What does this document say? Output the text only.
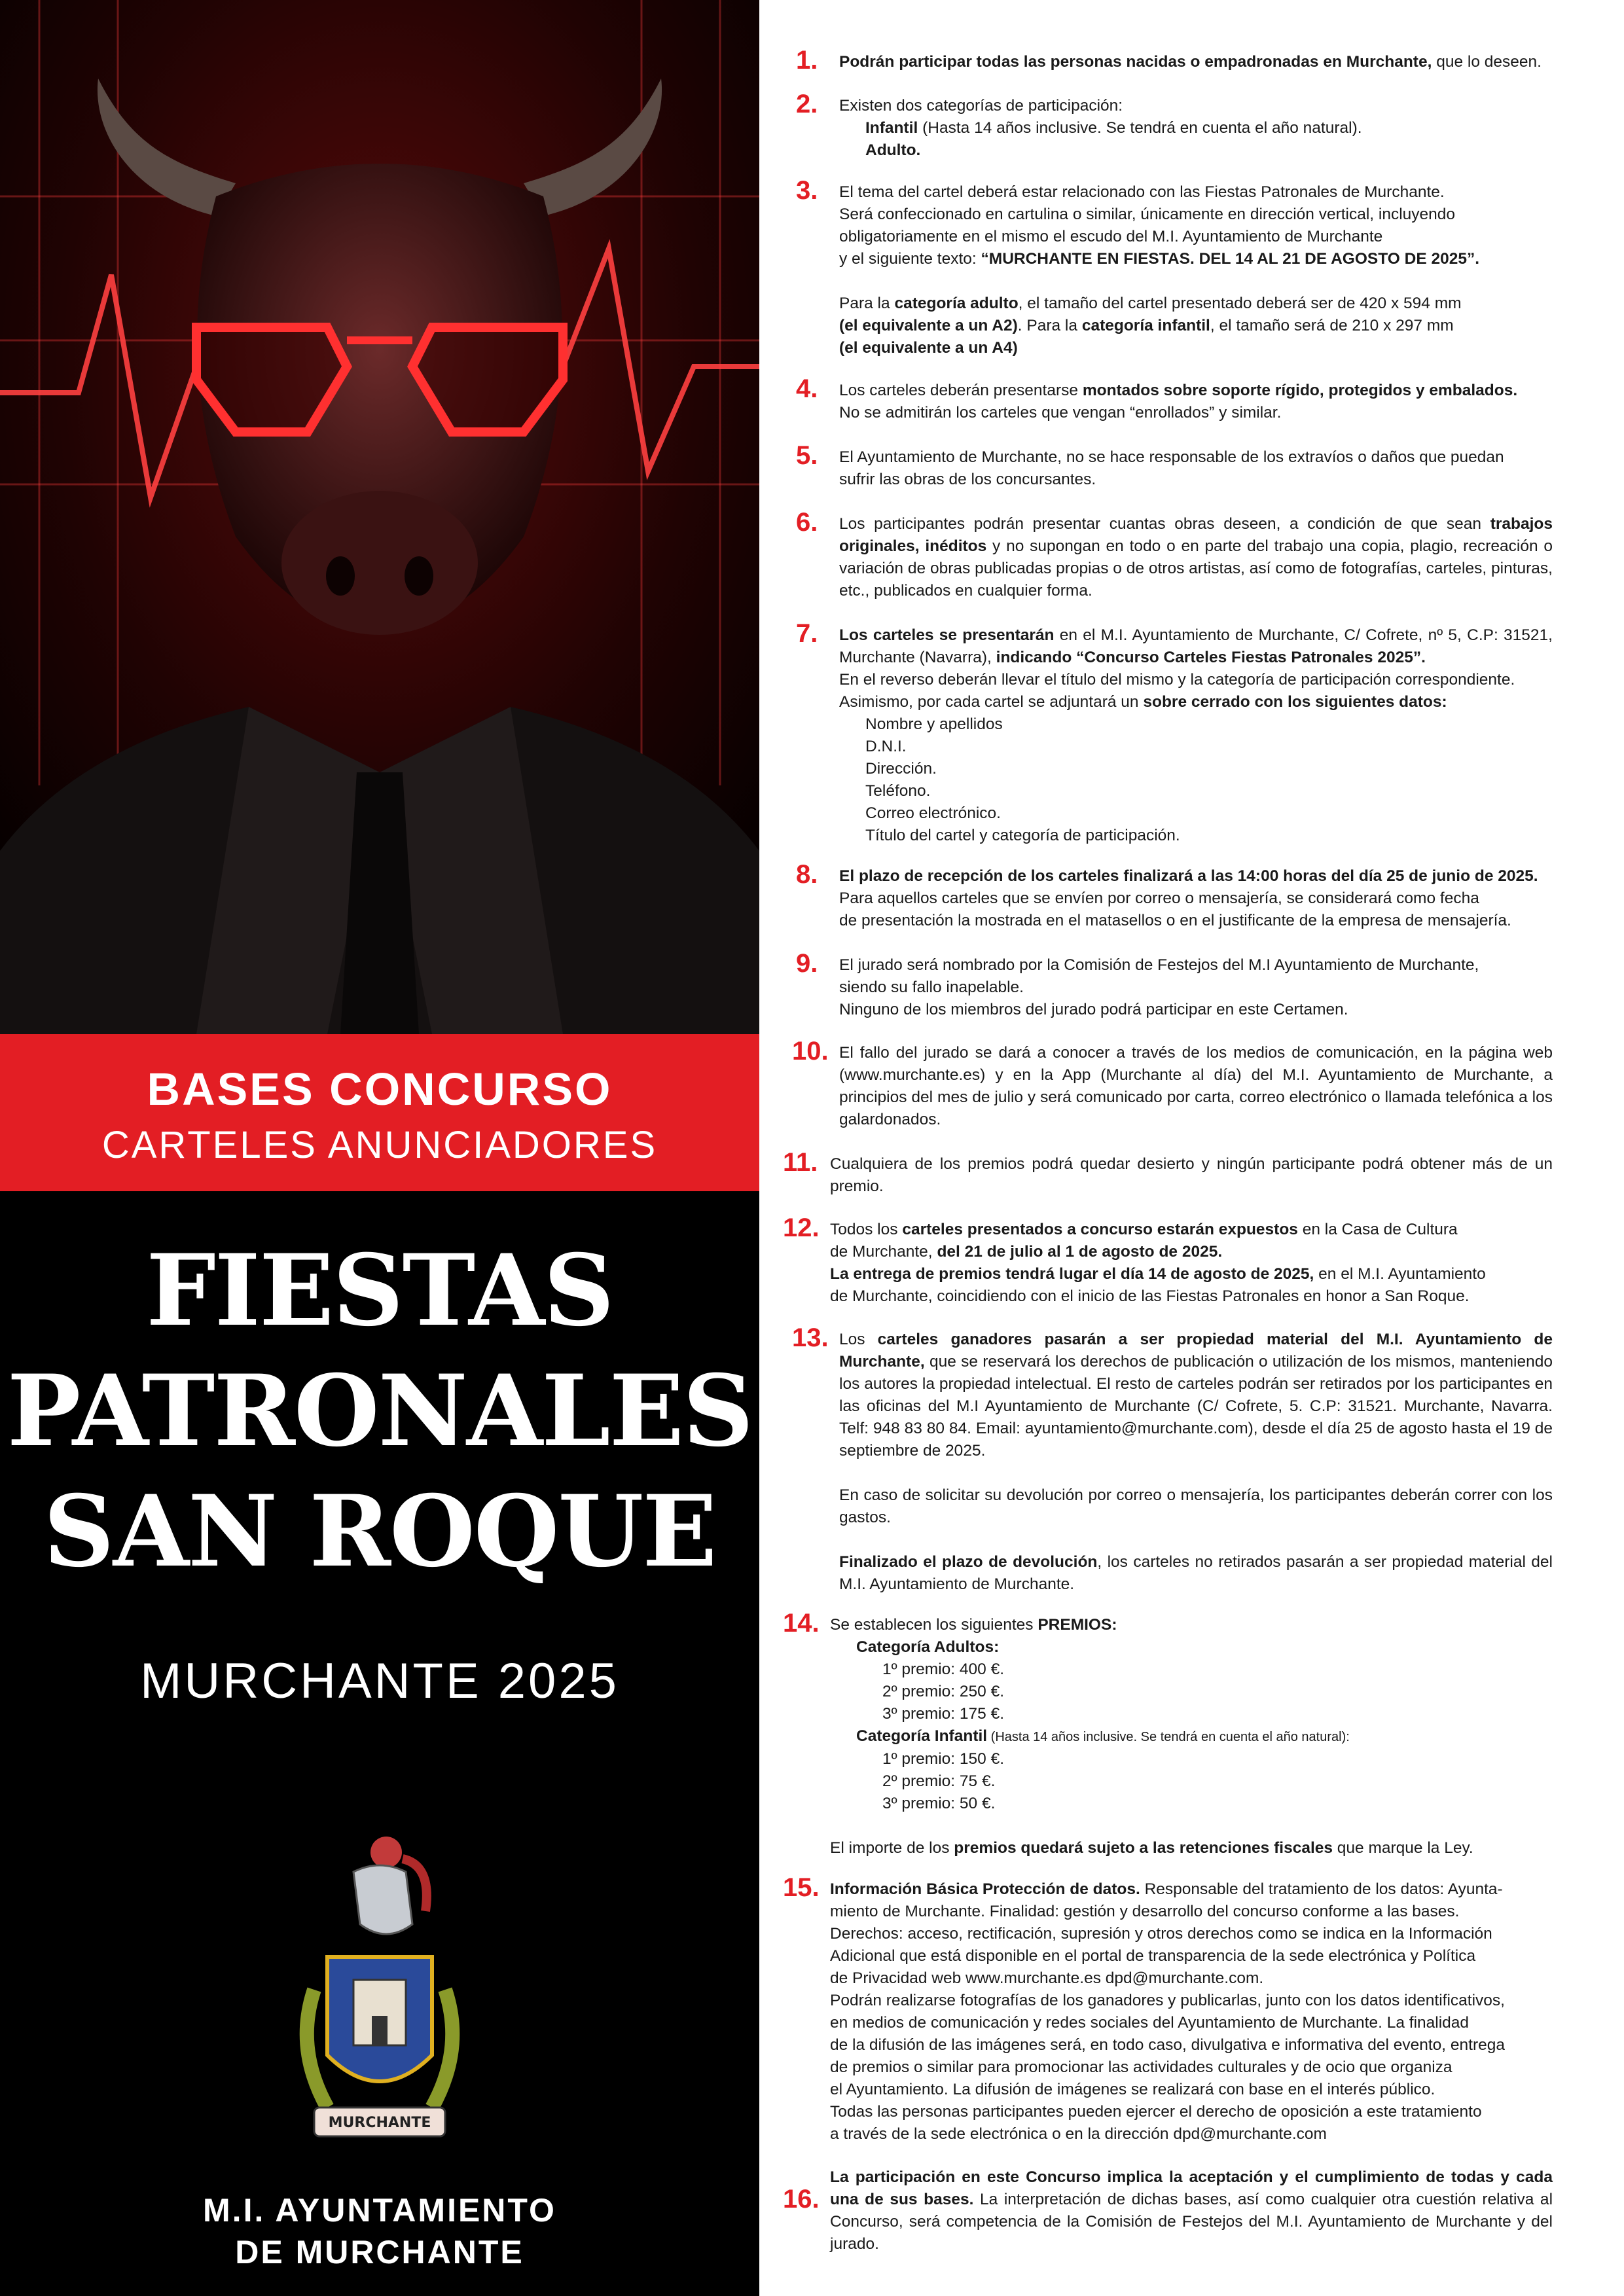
BASES CONCURSO
CARTELES ANUNCIADORES
FIESTAS
PATRONALES
SAN ROQUE
MURCHANTE 2025
MURCHANTE
M.I. AYUNTAMIENTO
DE MURCHANTE
1. Podrán participar todas las personas nacidas o empadronadas en Murchante, que lo deseen.

2. Existen dos categorías de participación:

Infantil (Hasta 14 años inclusive. Se tendrá en cuenta el año natural).

Adulto.

3. El tema del cartel deberá estar relacionado con las Fiestas Patronales de Murchante.

Será confeccionado en cartulina o similar, únicamente en dirección vertical, incluyendo

obligatoriamente en el mismo el escudo del M.I. Ayuntamiento de Murchante

y el siguiente texto: “MURCHANTE EN FIESTAS. DEL 14 AL 21 DE AGOSTO DE 2025”.

Para la categoría adulto, el tamaño del cartel presentado deberá ser de 420 x 594 mm

(el equivalente a un A2). Para la categoría infantil, el tamaño será de 210 x 297 mm

(el equivalente a un A4)

4. Los carteles deberán presentarse montados sobre soporte rígido, protegidos y embalados.

No se admitirán los carteles que vengan “enrollados” y similar.

5. El Ayuntamiento de Murchante, no se hace responsable de los extravíos o daños que puedan

sufrir las obras de los concursantes.

6. Los participantes podrán presentar cuantas obras deseen, a condición de que sean trabajos originales, inéditos y no supongan en todo o en parte del trabajo una copia, plagio, recreación o variación de obras publicadas propias o de otros artistas, así como de fotografías, carteles, pinturas, etc., publicados en cualquier forma.

7. Los carteles se presentarán en el M.I. Ayuntamiento de Murchante, C/ Cofrete, nº 5, C.P: 31521, Murchante (Navarra), indicando “Concurso Carteles Fiestas Patronales 2025”.

En el reverso deberán llevar el título del mismo y la categoría de participación correspondiente.

Asimismo, por cada cartel se adjuntará un sobre cerrado con los siguientes datos:

Nombre y apellidos

D.N.I.

Dirección.

Teléfono.

Correo electrónico.

Título del cartel y categoría de participación.

8. El plazo de recepción de los carteles finalizará a las 14:00 horas del día 25 de junio de 2025.

Para aquellos carteles que se envíen por correo o mensajería, se considerará como fecha

de presentación la mostrada en el matasellos o en el justificante de la empresa de mensajería.

9. El jurado será nombrado por la Comisión de Festejos del M.I Ayuntamiento de Murchante,

siendo su fallo inapelable.

Ninguno de los miembros del jurado podrá participar en este Certamen.

10. El fallo del jurado se dará a conocer a través de los medios de comunicación, en la página web (www.murchante.es) y en la App (Murchante al día) del M.I. Ayuntamiento de Murchante, a principios del mes de julio y será comunicado por carta, correo electrónico o llamada telefónica a los galardonados.

11. Cualquiera de los premios podrá quedar desierto y ningún participante podrá obtener más de un premio.

12. Todos los carteles presentados a concurso estarán expuestos en la Casa de Cultura

de Murchante, del 21 de julio al 1 de agosto de 2025.

La entrega de premios tendrá lugar el día 14 de agosto de 2025, en el M.I. Ayuntamiento

de Murchante, coincidiendo con el inicio de las Fiestas Patronales en honor a San Roque.

13. Los carteles ganadores pasarán a ser propiedad material del M.I. Ayuntamiento de Murchante, que se reservará los derechos de publicación o utilización de los mismos, manteniendo los autores la propiedad intelectual. El resto de carteles podrán ser retirados por los participantes en las oficinas del M.I Ayuntamiento de Murchante (C/ Cofrete, 5. C.P: 31521. Murchante, Navarra. Telf: 948 83 80 84. Email: ayuntamiento@murchante.com), desde el día 25 de agosto hasta el 19 de septiembre de 2025.

En caso de solicitar su devolución por correo o mensajería, los participantes deberán correr con los gastos.

Finalizado el plazo de devolución, los carteles no retirados pasarán a ser propiedad material del M.I. Ayuntamiento de Murchante.

14. Se establecen los siguientes PREMIOS:

Categoría Adultos:

1º premio: 400 €.

2º premio: 250 €.

3º premio: 175 €.

Categoría Infantil (Hasta 14 años inclusive. Se tendrá en cuenta el año natural):

1º premio: 150 €.

2º premio: 75 €.

3º premio: 50 €.

El importe de los premios quedará sujeto a las retenciones fiscales que marque la Ley.

15. Información Básica Protección de datos. Responsable del tratamiento de los datos: Ayunta-

miento de Murchante. Finalidad: gestión y desarrollo del concurso conforme a las bases.

Derechos: acceso, rectificación, supresión y otros derechos como se indica en la Información

Adicional que está disponible en el portal de transparencia de la sede electrónica y Política

de Privacidad web www.murchante.es dpd@murchante.com.

Podrán realizarse fotografías de los ganadores y publicarlas, junto con los datos identificativos,

en medios de comunicación y redes sociales del Ayuntamiento de Murchante. La finalidad

de la difusión de las imágenes será, en todo caso, divulgativa e informativa del evento, entrega

de premios o similar para promocionar las actividades culturales y de ocio que organiza

el Ayuntamiento. La difusión de imágenes se realizará con base en el interés público.

Todas las personas participantes pueden ejercer el derecho de oposición a este tratamiento

a través de la sede electrónica o en la dirección dpd@murchante.com

16.

La participación en este Concurso implica la aceptación y el cumplimiento de todas y cada una de sus bases. La interpretación de dichas bases, así como cualquier otra cuestión relativa al Concurso, será competencia de la Comisión de Festejos del M.I. Ayuntamiento de Murchante y del jurado.
